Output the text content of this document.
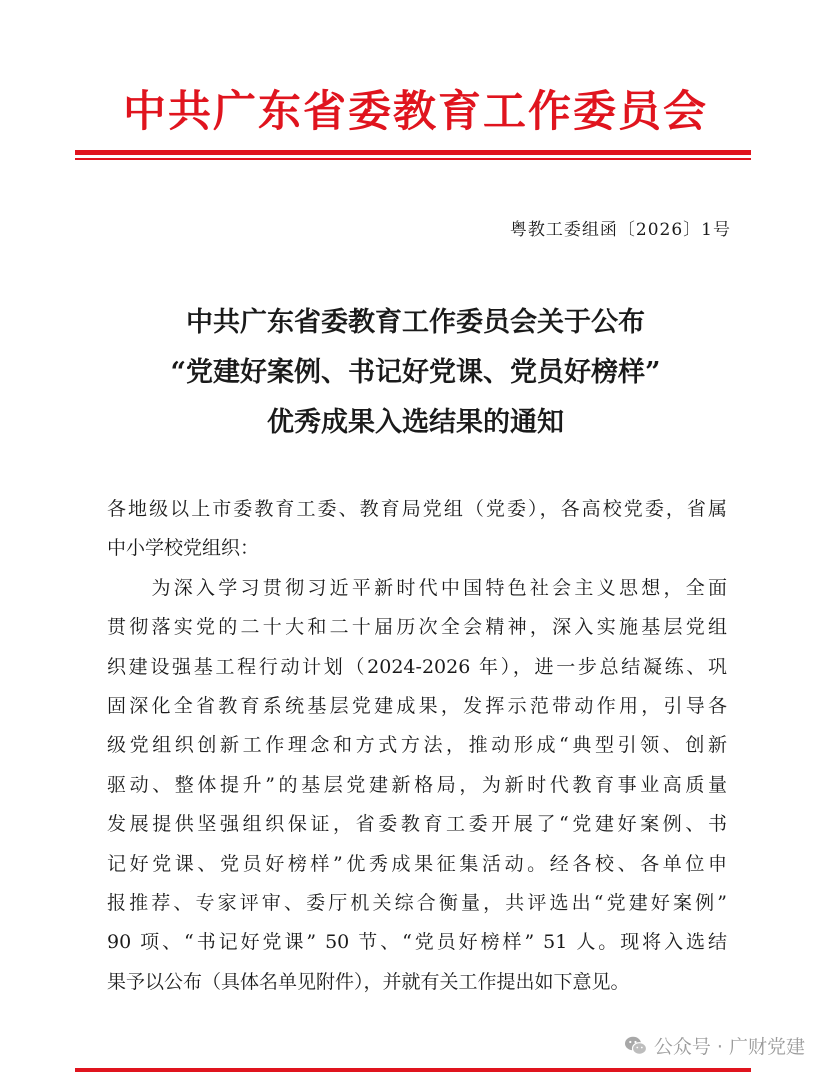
中共广东省委教育工作委员会
粤教工委组函〔2026〕1号
中共广东省委教育工作委员会关于公布
“党建好案例、书记好党课、党员好榜样”
优秀成果入选结果的通知

各地级以上市委教育工委、教育局党组（党委），各高校党委，省属

中小学校党组织：

　　为深入学习贯彻习近平新时代中国特色社会主义思想，全面

贯彻落实党的二十大和二十届历次全会精神，深入实施基层党组

织建设强基工程行动计划（2024-2026 年），进一步总结凝练、巩

固深化全省教育系统基层党建成果，发挥示范带动作用，引导各

级党组织创新工作理念和方式方法，推动形成“典型引领、创新

驱动、整体提升”的基层党建新格局，为新时代教育事业高质量

发展提供坚强组织保证，省委教育工委开展了“党建好案例、书

记好党课、党员好榜样”优秀成果征集活动。经各校、各单位申

报推荐、专家评审、委厅机关综合衡量，共评选出“党建好案例”

90 项、“书记好党课” 50 节、“党员好榜样” 51 人。现将入选结

果予以公布（具体名单见附件），并就有关工作提出如下意见。

公众号 · 广财党建
